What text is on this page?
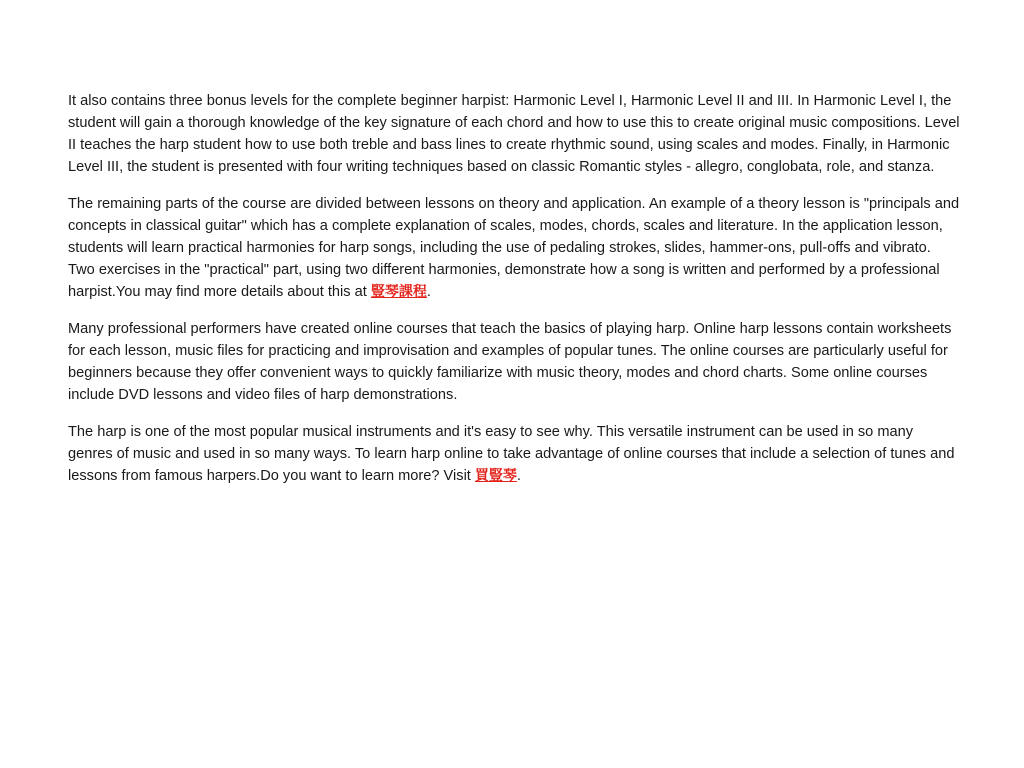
It also contains three bonus levels for the complete beginner harpist: Harmonic Level I, Harmonic Level II and III. In Harmonic Level I, the student will gain a thorough knowledge of the key signature of each chord and how to use this to create original music compositions. Level II teaches the harp student how to use both treble and bass lines to create rhythmic sound, using scales and modes. Finally, in Harmonic Level III, the student is presented with four writing techniques based on classic Romantic styles - allegro, conglobata, role, and stanza.

The remaining parts of the course are divided between lessons on theory and application. An example of a theory lesson is "principals and concepts in classical guitar" which has a complete explanation of scales, modes, chords, scales and literature. In the application lesson, students will learn practical harmonies for harp songs, including the use of pedaling strokes, slides, hammer-ons, pull-offs and vibrato. Two exercises in the "practical" part, using two different harmonies, demonstrate how a song is written and performed by a professional harpist.You may find more details about this at 豎琴課程.

Many professional performers have created online courses that teach the basics of playing harp. Online harp lessons contain worksheets for each lesson, music files for practicing and improvisation and examples of popular tunes. The online courses are particularly useful for beginners because they offer convenient ways to quickly familiarize with music theory, modes and chord charts. Some online courses include DVD lessons and video files of harp demonstrations.

The harp is one of the most popular musical instruments and it's easy to see why. This versatile instrument can be used in so many genres of music and used in so many ways. To learn harp online to take advantage of online courses that include a selection of tunes and lessons from famous harpers.Do you want to learn more? Visit 買豎琴.
